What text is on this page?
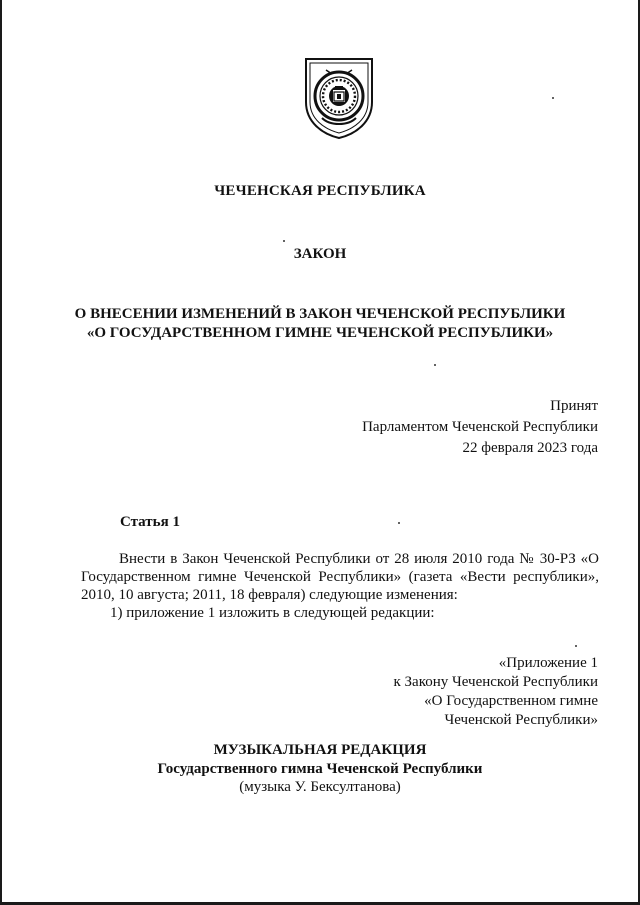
ЧЕЧЕНСКАЯ РЕСПУБЛИКА
ЗАКОН
О ВНЕСЕНИИ ИЗМЕНЕНИЙ В ЗАКОН ЧЕЧЕНСКОЙ РЕСПУБЛИКИ
«О ГОСУДАРСТВЕННОМ ГИМНЕ ЧЕЧЕНСКОЙ РЕСПУБЛИКИ»
Принят
Парламентом Чеченской Республики
22 февраля 2023 года
Статья 1
Внести в Закон Чеченской Республики от 28 июля 2010 года № 30-РЗ «О Государственном гимне Чеченской Республики» (газета «Вести республики», 2010, 10 августа; 2011, 18 февраля) следующие изменения:
1) приложение 1 изложить в следующей редакции:
«Приложение 1
к Закону Чеченской Республики
«О Государственном гимне
Чеченской Республики»
МУЗЫКАЛЬНАЯ РЕДАКЦИЯ
Государственного гимна Чеченской Республики
(музыка У. Бексултанова)
